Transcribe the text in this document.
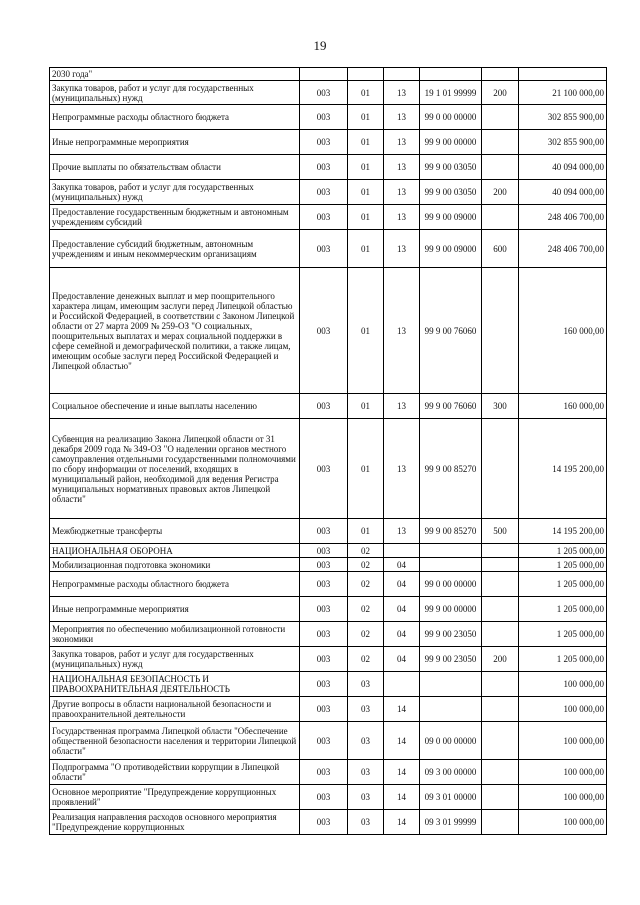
19
2030 года"						
Закупка товаров, работ и услуг для государственных (муниципальных) нужд	003	01	13	19 1 01 99999	200	21 100 000,00
Непрограммные расходы областного бюджета	003	01	13	99 0 00 00000		302 855 900,00
Иные непрограммные мероприятия	003	01	13	99 9 00 00000		302 855 900,00
Прочие выплаты по обязательствам области	003	01	13	99 9 00 03050		40 094 000,00
Закупка товаров, работ и услуг для государственных (муниципальных) нужд	003	01	13	99 9 00 03050	200	40 094 000,00
Предоставление государственным бюджетным и автономным учреждениям субсидий	003	01	13	99 9 00 09000		248 406 700,00
Предоставление субсидий бюджетным, автономным учреждениям и иным некоммерческим организациям	003	01	13	99 9 00 09000	600	248 406 700,00
Предоставление денежных выплат и мер поощрительного характера лицам, имеющим заслуги перед Липецкой областью и Российской Федерацией, в соответствии с Законом Липецкой области от 27 марта 2009 № 259-ОЗ "О социальных, поощрительных выплатах и мерах социальной поддержки в сфере семейной и демографической политики, а также лицам, имеющим особые заслуги перед Российской Федерацией и Липецкой областью"	003	01	13	99 9 00 76060		160 000,00
Социальное обеспечение и иные выплаты населению	003	01	13	99 9 00 76060	300	160 000,00
Субвенция на реализацию Закона Липецкой области от 31 декабря 2009 года № 349-ОЗ "О наделении органов местного самоуправления отдельными государственными полномочиями по сбору информации от поселений, входящих в муниципальный район, необходимой для ведения Регистра муниципальных нормативных правовых актов Липецкой области"	003	01	13	99 9 00 85270		14 195 200,00
Межбюджетные трансферты	003	01	13	99 9 00 85270	500	14 195 200,00
НАЦИОНАЛЬНАЯ ОБОРОНА	003	02				1 205 000,00
Мобилизационная подготовка экономики	003	02	04			1 205 000,00
Непрограммные расходы областного бюджета	003	02	04	99 0 00 00000		1 205 000,00
Иные непрограммные мероприятия	003	02	04	99 9 00 00000		1 205 000,00
Мероприятия по обеспечению мобилизационной готовности экономики	003	02	04	99 9 00 23050		1 205 000,00
Закупка товаров, работ и услуг для государственных (муниципальных) нужд	003	02	04	99 9 00 23050	200	1 205 000,00
НАЦИОНАЛЬНАЯ БЕЗОПАСНОСТЬ И ПРАВООХРАНИТЕЛЬНАЯ ДЕЯТЕЛЬНОСТЬ	003	03				100 000,00
Другие вопросы в области национальной безопасности и правоохранительной деятельности	003	03	14			100 000,00
Государственная программа Липецкой области "Обеспечение общественной безопасности населения и территории Липецкой области"	003	03	14	09 0 00 00000		100 000,00
Подпрограмма "О противодействии коррупции в Липецкой области"	003	03	14	09 3 00 00000		100 000,00
Основное мероприятие "Предупреждение коррупционных проявлений"	003	03	14	09 3 01 00000		100 000,00
Реализация направления расходов основного мероприятия "Предупреждение коррупционных	003	03	14	09 3 01 99999		100 000,00
